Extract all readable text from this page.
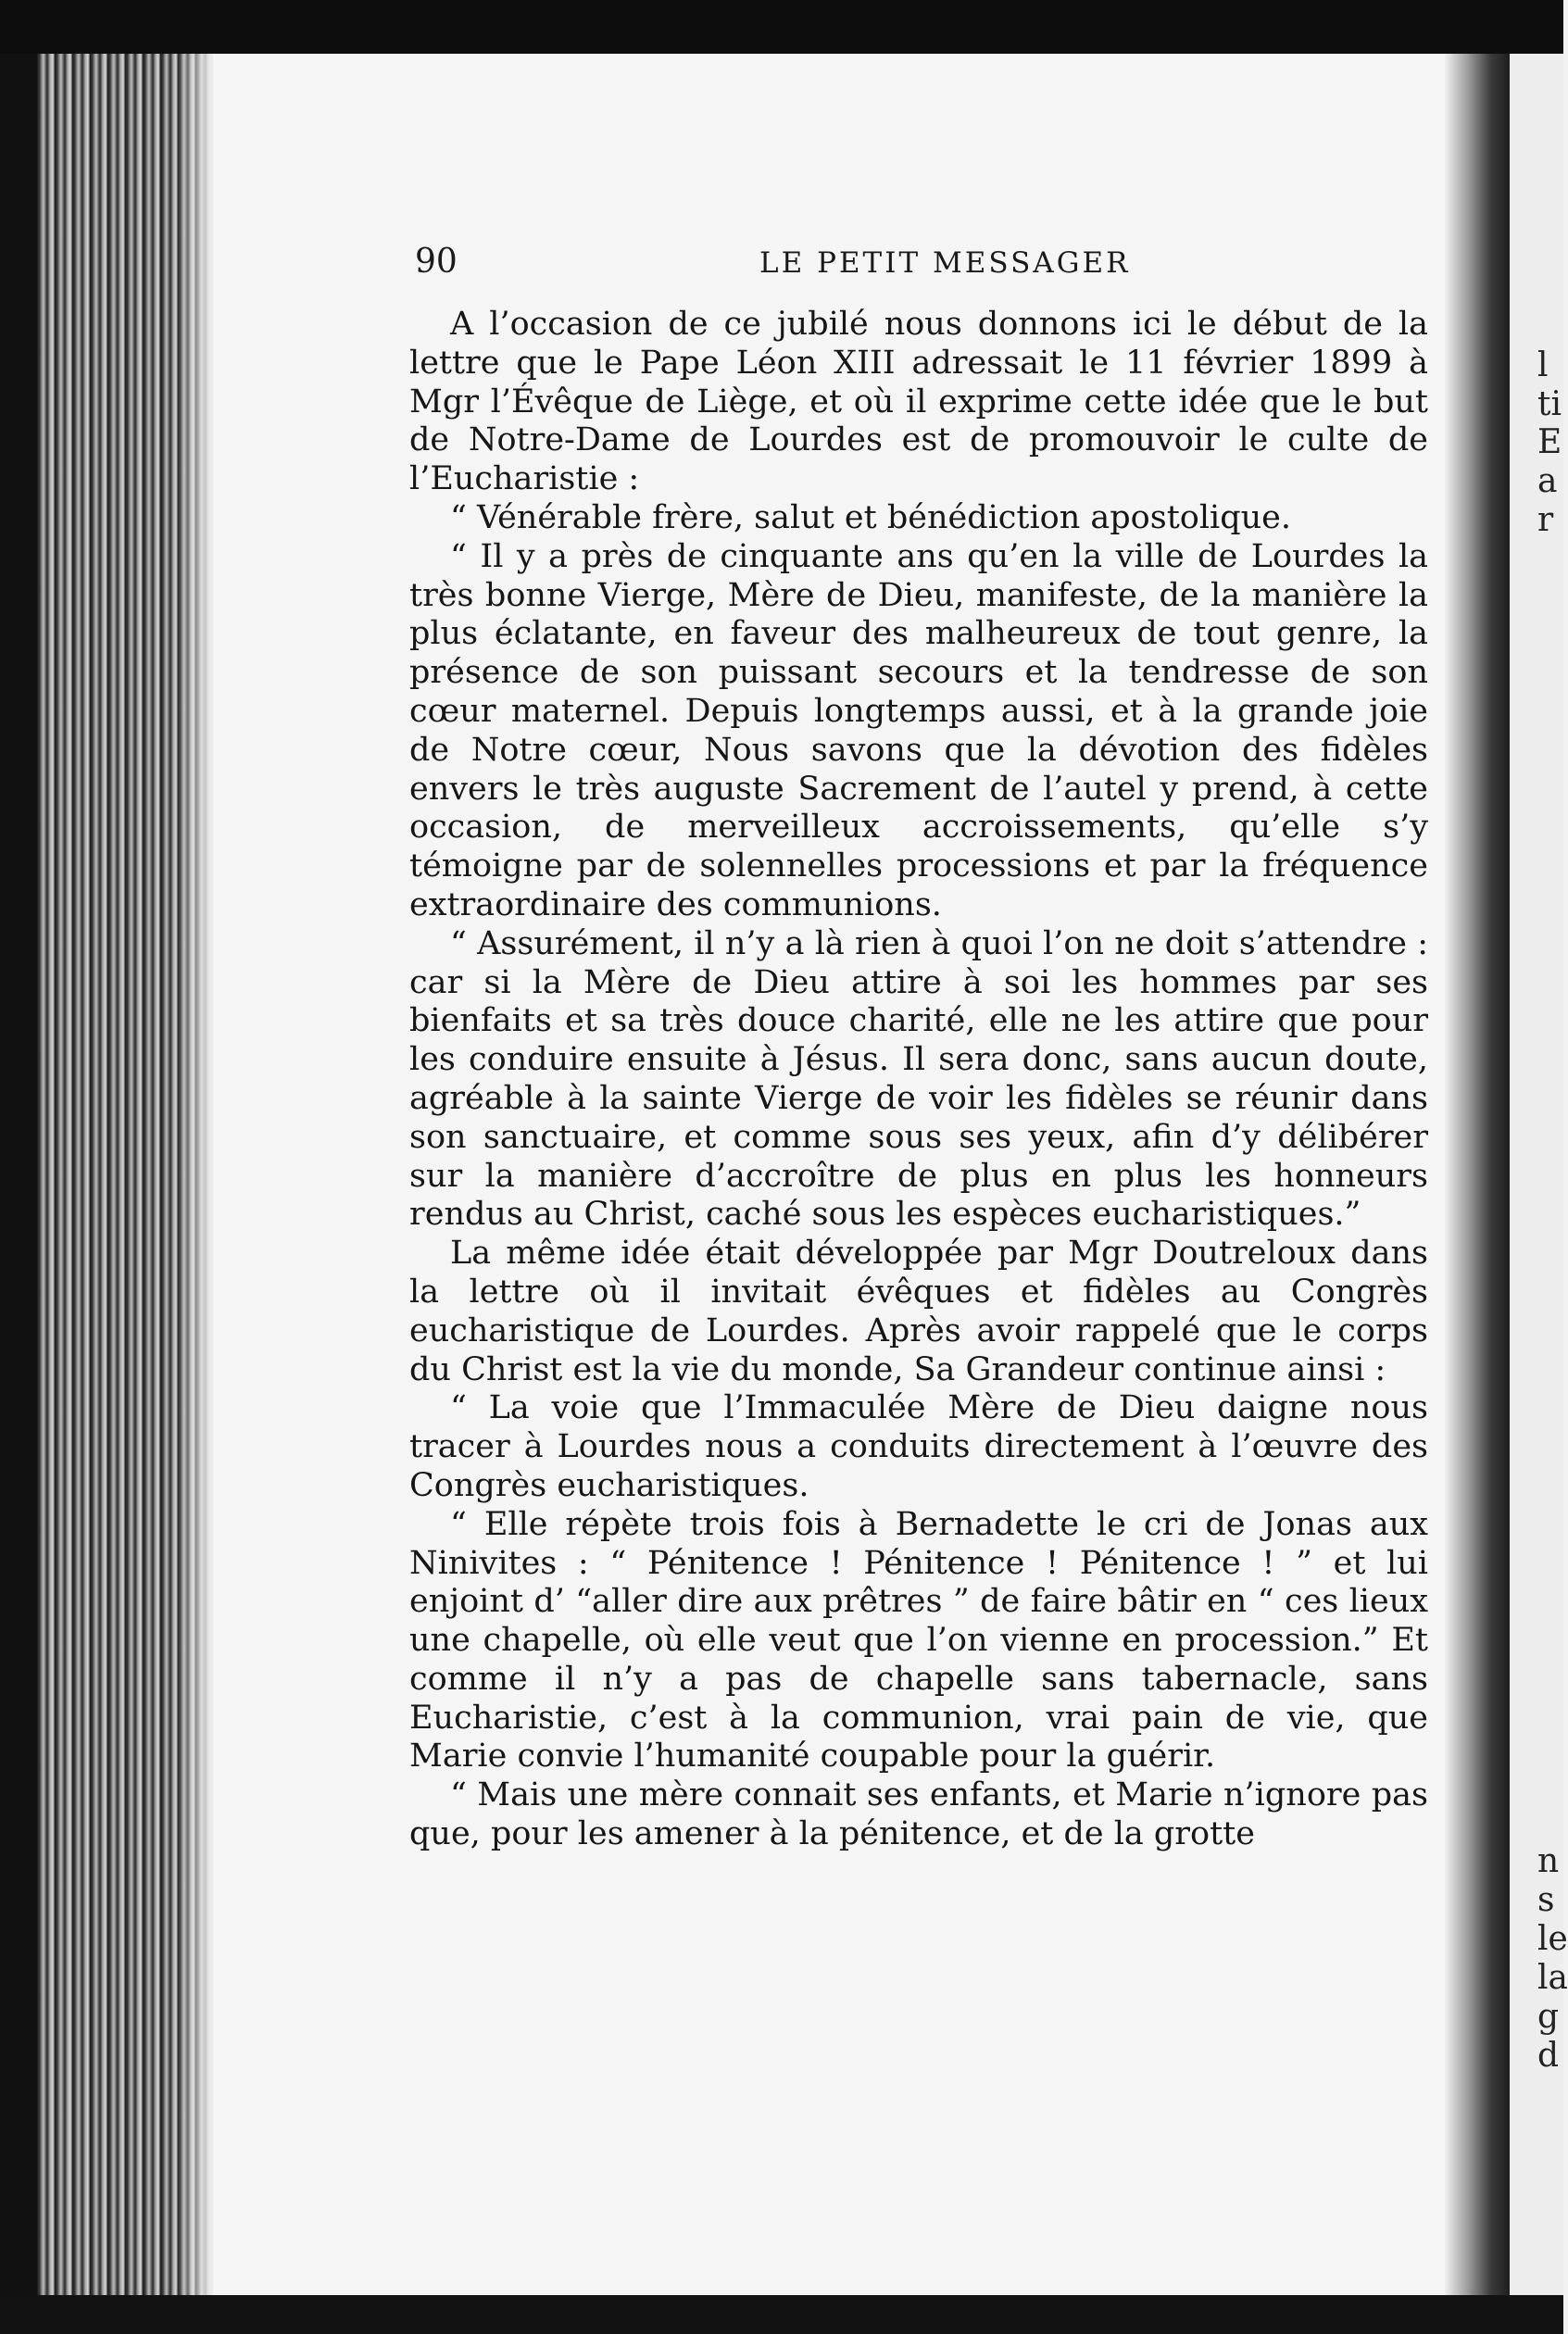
l
ti
E
a
r
n
s
le
la
g
d
90	LE PETIT MESSAGER

A l’occasion de ce jubilé nous donnons ici le début de la lettre que le Pape Léon XIII adressait le 11 février 1899 à Mgr l’Évêque de Liège, et où il exprime cette idée que le but de Notre-Dame de Lourdes est de promouvoir le culte de l’Eucharistie :

“ Vénérable frère, salut et bénédiction apostolique.

“ Il y a près de cinquante ans qu’en la ville de Lourdes la très bonne Vierge, Mère de Dieu, manifeste, de la manière la plus éclatante, en faveur des malheureux de tout genre, la présence de son puissant secours et la tendresse de son cœur maternel. Depuis longtemps aussi, et à la grande joie de Notre cœur, Nous savons que la dévotion des fidèles envers le très auguste Sacrement de l’autel y prend, à cette occasion, de merveilleux accroissements, qu’elle s’y témoigne par de solennelles processions et par la fréquence extraordinaire des communions.

“ Assurément, il n’y a là rien à quoi l’on ne doit s’attendre : car si la Mère de Dieu attire à soi les hommes par ses bienfaits et sa très douce charité, elle ne les attire que pour les conduire ensuite à Jésus. Il sera donc, sans aucun doute, agréable à la sainte Vierge de voir les fidèles se réunir dans son sanctuaire, et comme sous ses yeux, afin d’y délibérer sur la manière d’accroître de plus en plus les honneurs rendus au Christ, caché sous les espèces eucharistiques.”

La même idée était développée par Mgr Doutreloux dans la lettre où il invitait évêques et fidèles au Congrès eucharistique de Lourdes. Après avoir rappelé que le corps du Christ est la vie du monde, Sa Grandeur continue ainsi :

“ La voie que l’Immaculée Mère de Dieu daigne nous tracer à Lourdes nous a conduits directement à l’œuvre des Congrès eucharistiques.

“ Elle répète trois fois à Bernadette le cri de Jonas aux Ninivites : “ Pénitence ! Pénitence ! Pénitence ! ” et lui enjoint d’ “aller dire aux prêtres ” de faire bâtir en “ ces lieux une chapelle, où elle veut que l’on vienne en procession.” Et comme il n’y a pas de chapelle sans tabernacle, sans Eucharistie, c’est à la communion, vrai pain de vie, que Marie convie l’humanité coupable pour la guérir.

“ Mais une mère connait ses enfants, et Marie n’ignore pas que, pour les amener à la pénitence, et de la grotte
